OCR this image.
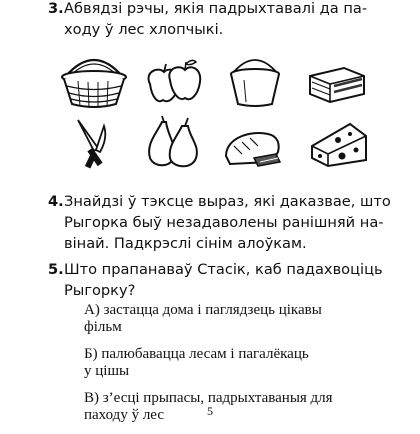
3. Абвядзі рэчы, якія падрыхтавалі да па-
ходу ў лес хлопчыкі.
4. Знайдзі ў тэксце выраз, які даказвае, што
Рыгорка быў незадаволены ранішняй на-
вінай. Падкрэслі сінім алоўкам.
5. Што прапанаваў Стасік, каб падахвоціць
Рыгорку?
А) застацца дома і паглядзець цікавы
фільм
Б) палюбавацца лесам і пагалёкаць
у цішы
В) з’есці прыпасы, падрыхтаваныя для
паходу ў лес	5
